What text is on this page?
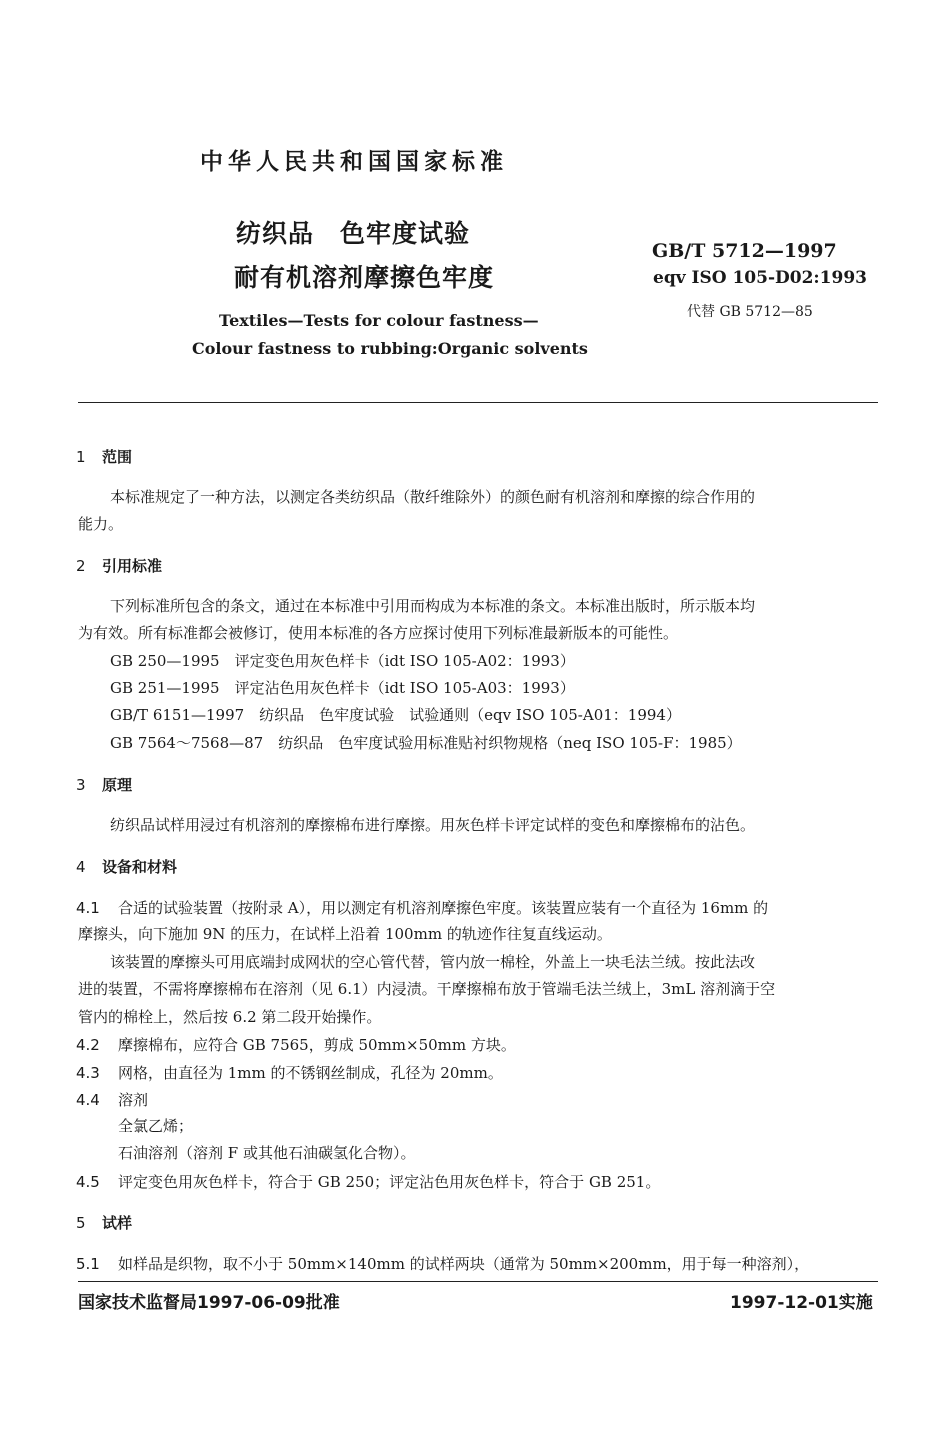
中华人民共和国国家标准
纺织品　色牢度试验
耐有机溶剂摩擦色牢度
Textiles—Tests for colour fastness—
Colour fastness to rubbing:Organic solvents
GB/T 5712—1997
eqv ISO 105-D02:1993
代替 GB 5712—85
1 范围
本标准规定了一种方法，以测定各类纺织品（散纤维除外）的颜色耐有机溶剂和摩擦的综合作用的
能力。
2 引用标准
下列标准所包含的条文，通过在本标准中引用而构成为本标准的条文。本标准出版时，所示版本均
为有效。所有标准都会被修订，使用本标准的各方应探讨使用下列标准最新版本的可能性。
GB 250—1995　评定变色用灰色样卡（idt ISO 105-A02：1993）
GB 251—1995　评定沾色用灰色样卡（idt ISO 105-A03：1993）
GB/T 6151—1997　纺织品　色牢度试验　试验通则（eqv ISO 105-A01：1994）
GB 7564～7568—87　纺织品　色牢度试验用标准贴衬织物规格（neq ISO 105-F：1985）
3 原理
纺织品试样用浸过有机溶剂的摩擦棉布进行摩擦。用灰色样卡评定试样的变色和摩擦棉布的沾色。
4 设备和材料
4.1 合适的试验装置（按附录 A），用以测定有机溶剂摩擦色牢度。该装置应装有一个直径为 16mm 的
摩擦头，向下施加 9N 的压力，在试样上沿着 100mm 的轨迹作往复直线运动。
该装置的摩擦头可用底端封成网状的空心管代替，管内放一棉栓，外盖上一块毛法兰绒。按此法改
进的装置，不需将摩擦棉布在溶剂（见 6.1）内浸渍。干摩擦棉布放于管端毛法兰绒上，3mL 溶剂滴于空
管内的棉栓上，然后按 6.2 第二段开始操作。
4.2 摩擦棉布，应符合 GB 7565，剪成 50mm×50mm 方块。
4.3 网格，由直径为 1mm 的不锈钢丝制成，孔径为 20mm。
4.4 溶剂
全氯乙烯；
石油溶剂（溶剂 F 或其他石油碳氢化合物）。
4.5 评定变色用灰色样卡，符合于 GB 250；评定沾色用灰色样卡，符合于 GB 251。
5 试样
5.1 如样品是织物，取不小于 50mm×140mm 的试样两块（通常为 50mm×200mm，用于每一种溶剂），
国家技术监督局1997-06-09批准	1997-12-01实施
